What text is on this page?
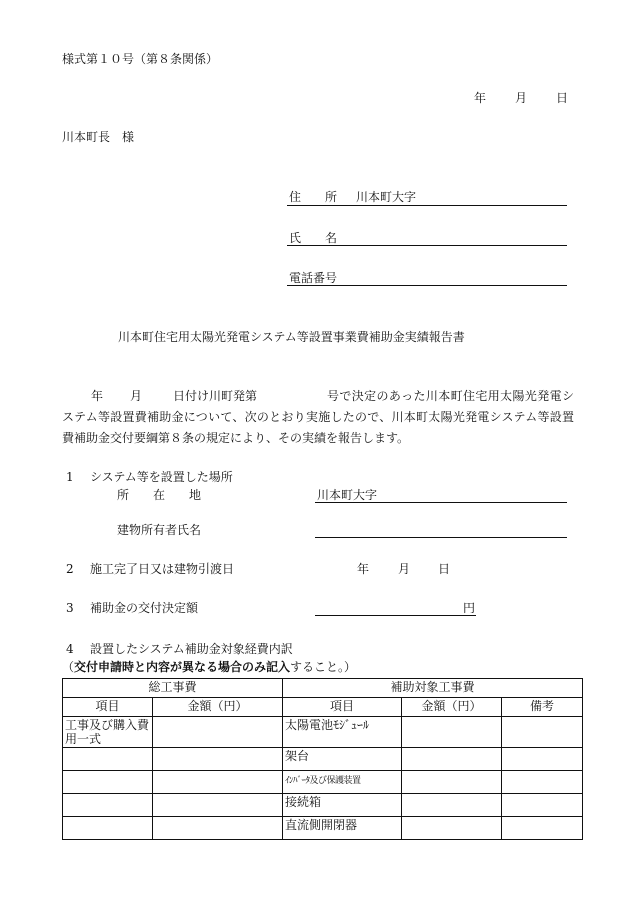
様式第１０号（第８条関係）
年 月 日
川本町長　様
住　　所 川本町大字
氏　　名
電話番号
川本町住宅用太陽光発電システム等設置事業費補助金実績報告書
年 月	日付け川町発第	号で決定のあった川本町住宅用太陽光発電システム等設置費補助金について、次のとおり実施したので、川本町太陽光発電システム等設置費補助金交付要綱第８条の規定により、その実績を報告します。
1 システム等を設置した場所
所　　在　　地	川本町大字
建物所有者氏名
2 施工完了日又は建物引渡日	年 月 日
3 補助金の交付決定額	円
4 設置したシステム補助金対象経費内訳
（交付申請時と内容が異なる場合のみ記入すること。）
総工事費		補助対象工事費		
項目	金額（円）	項目	金額（円）	備考
工事及び購入費用一式		太陽電池ﾓｼﾞｭｰﾙ		
		架台		
		ｲﾝﾊﾞｰﾀ及び保護装置		
		接続箱		
		直流側開閉器		
